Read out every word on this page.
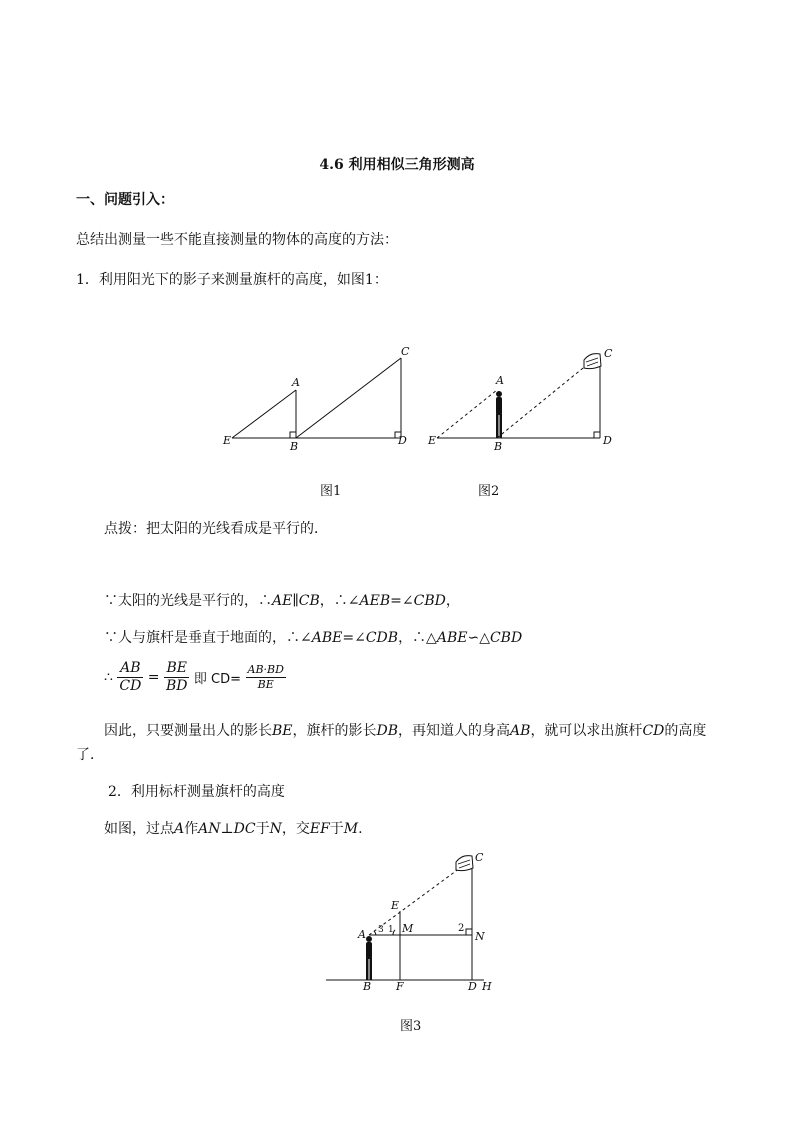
4.6 利用相似三角形测高
一、问题引入：
总结出测量一些不能直接测量的物体的高度的方法：
1．利用阳光下的影子来测量旗杆的高度，如图1：
A
B
C
D
E
A
B
C
D
E
C
E
A	M
N
B F	D H
3 1	2
图1	图2
点拨：把太阳的光线看成是平行的．
∵太阳的光线是平行的，∴AE∥CB，∴∠AEB=∠CBD，
∵人与旗杆是垂直于地面的，∴∠ABE=∠CDB，∴△ABE∽△CBD
∴ $\frac{AB}{CD} = \frac{BE}{BD}$ 即 $CD= \frac{AB\cdot BD}{BE}$
因此，只要测量出人的影长BE，旗杆的影长DB，再知道人的身高AB，就可以求出旗杆CD的高度
了．
2．利用标杆测量旗杆的高度
如图，过点A作AN⊥DC于N，交EF于M.
图3
